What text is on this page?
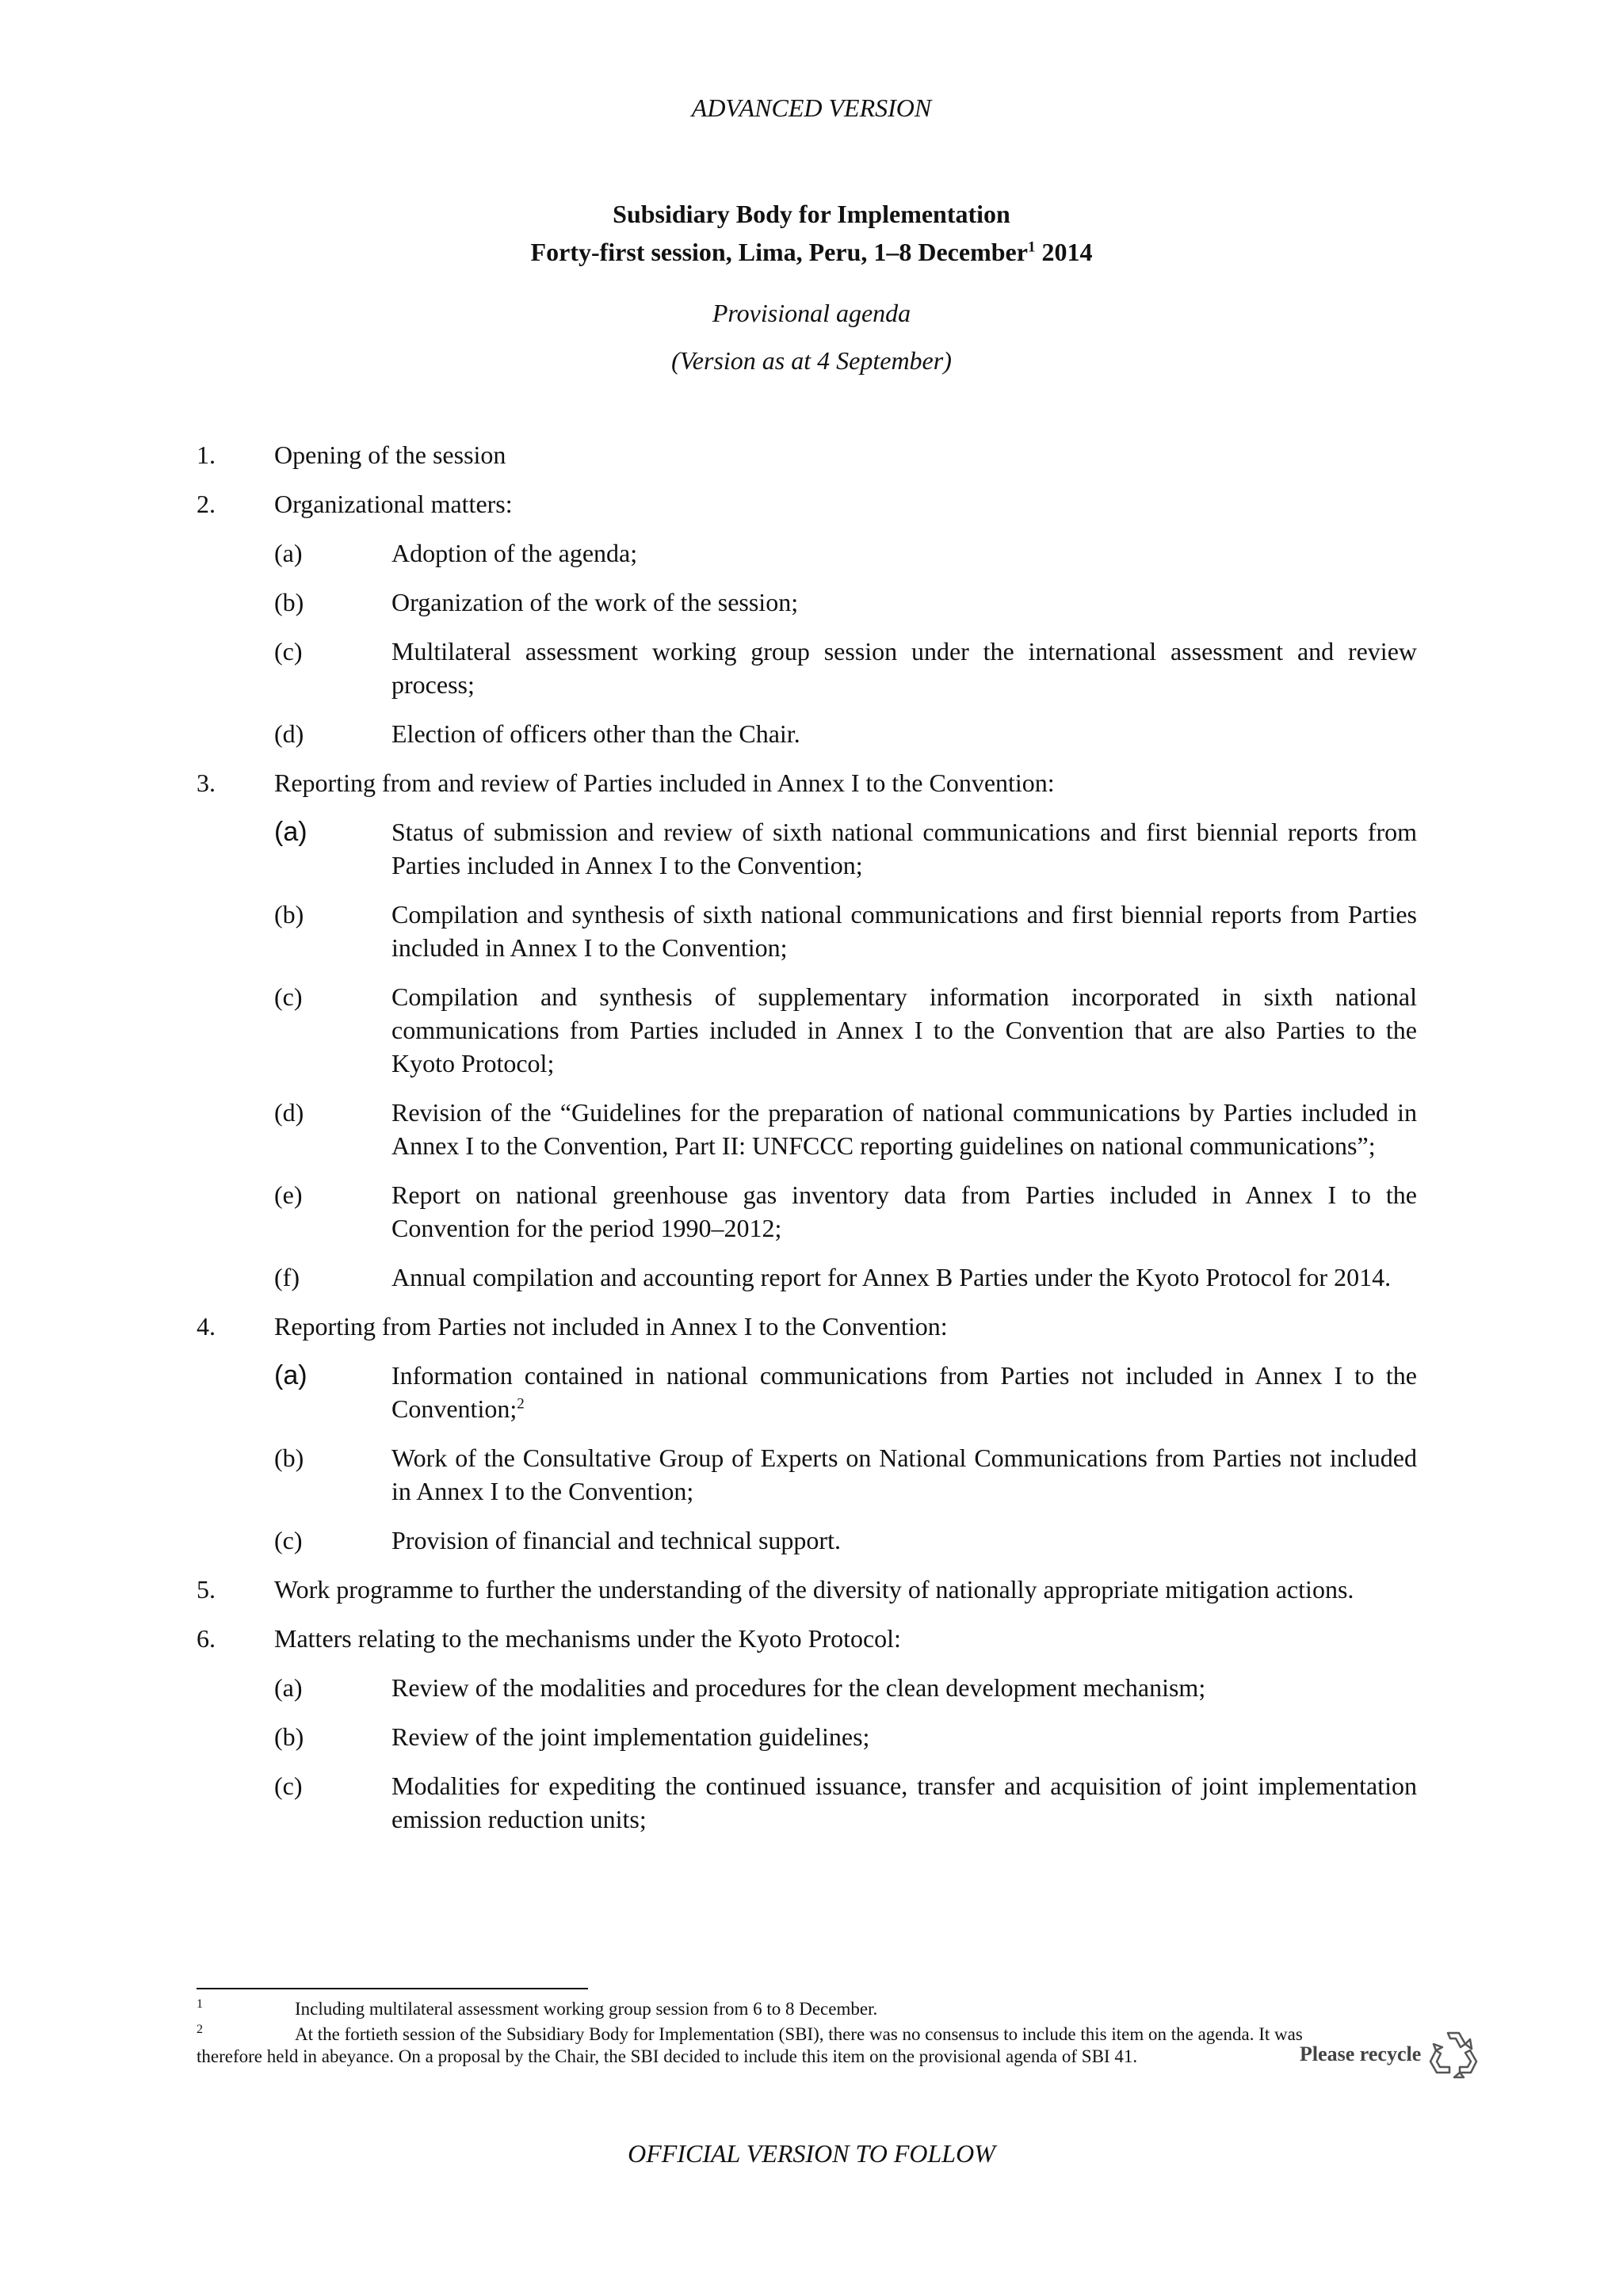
ADVANCED VERSION
Subsidiary Body for Implementation
Forty-first session, Lima, Peru, 1–8 December$^1$ 2014
Provisional agenda
(Version as at 4 September)
1.	Opening of the session
2.	Organizational matters:
(a)	Adoption of the agenda;
(b)	Organization of the work of the session;
(c)	Multilateral assessment working group session under the international assessment and review process;
(d)	Election of officers other than the Chair.
3.	Reporting from and review of Parties included in Annex I to the Convention:
(a)	Status of submission and review of sixth national communications and first biennial reports from Parties included in Annex I to the Convention;
(b)	Compilation and synthesis of sixth national communications and first biennial reports from Parties included in Annex I to the Convention;
(c)	Compilation and synthesis of supplementary information incorporated in sixth national communications from Parties included in Annex I to the Convention that are also Parties to the Kyoto Protocol;
(d)	Revision of the “Guidelines for the preparation of national communications by Parties included in Annex I to the Convention, Part II: UNFCCC reporting guidelines on national communications”;
(e)	Report on national greenhouse gas inventory data from Parties included in Annex I to the Convention for the period 1990–2012;
(f)	Annual compilation and accounting report for Annex B Parties under the Kyoto Protocol for 2014.
4.	Reporting from Parties not included in Annex I to the Convention:
(a)	Information contained in national communications from Parties not included in Annex I to the Convention;$^2$
(b)	Work of the Consultative Group of Experts on National Communications from Parties not included in Annex I to the Convention;
(c)	Provision of financial and technical support.
5.	Work programme to further the understanding of the diversity of nationally appropriate mitigation actions.
6.	Matters relating to the mechanisms under the Kyoto Protocol:
(a)	Review of the modalities and procedures for the clean development mechanism;
(b)	Review of the joint implementation guidelines;
(c)	Modalities for expediting the continued issuance, transfer and acquisition of joint implementation emission reduction units;
1	Including multilateral assessment working group session from 6 to 8 December.
2	At the fortieth session of the Subsidiary Body for Implementation (SBI), there was no consensus to include this item on the agenda. It was therefore held in abeyance. On a proposal by the Chair, the SBI decided to include this item on the provisional agenda of SBI 41.	Please recycle
OFFICIAL VERSION TO FOLLOW
